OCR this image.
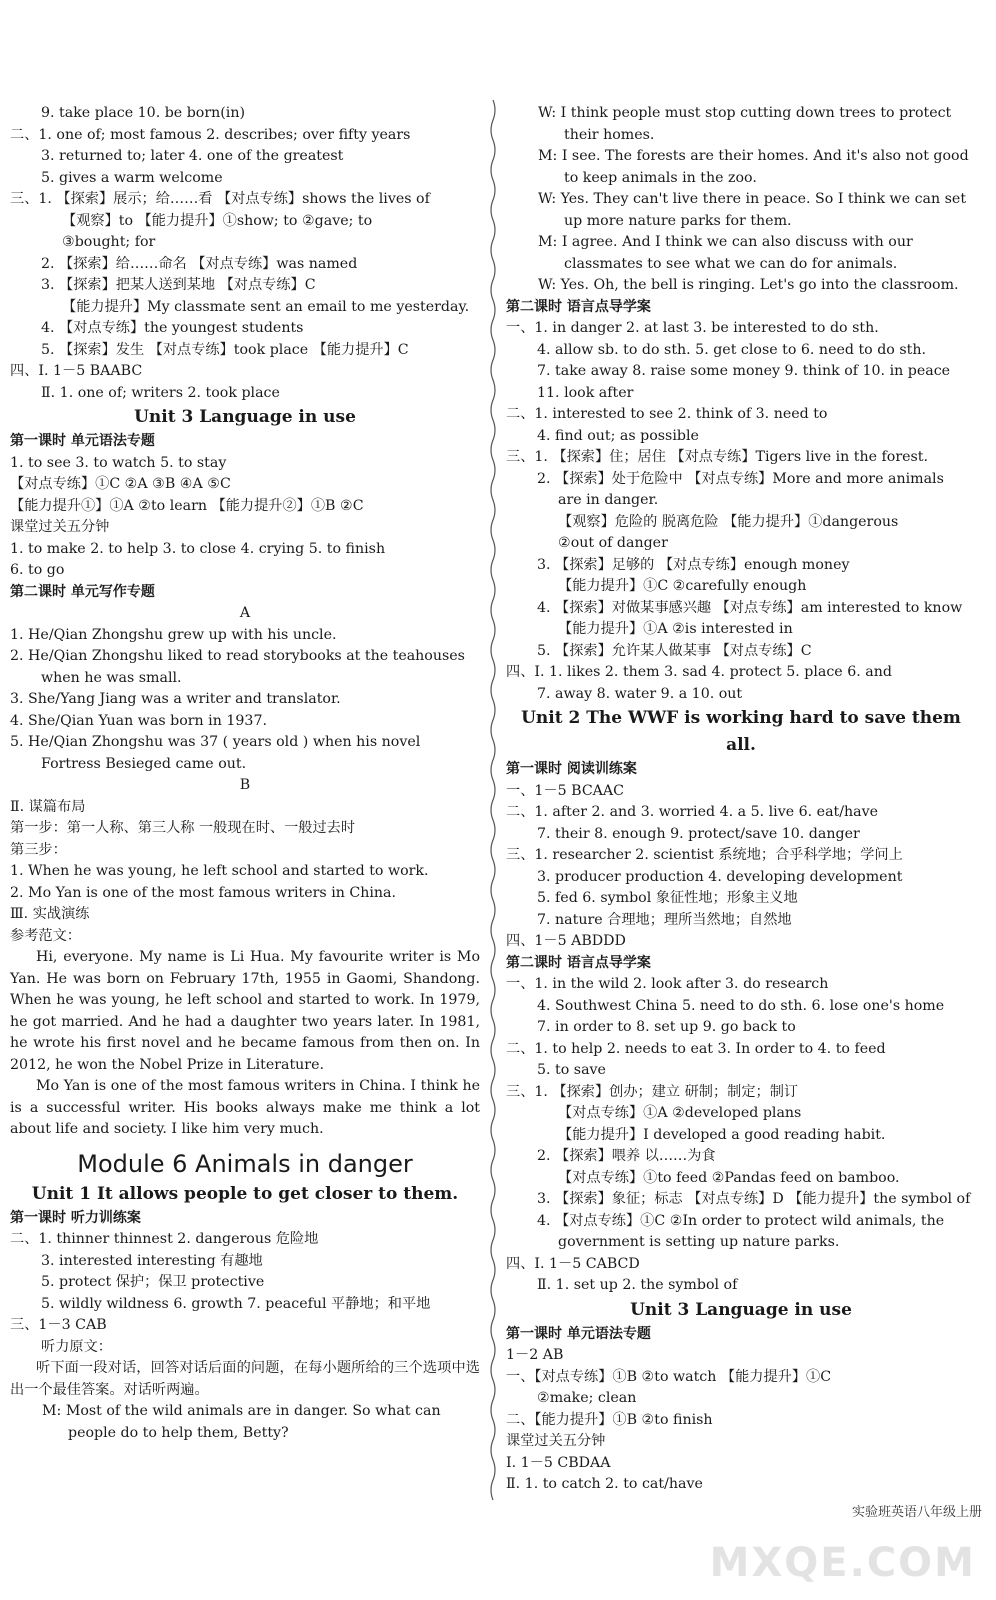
9. take place 10. be born(in)
二、1. one of; most famous 2. describes; over fifty years
3. returned to; later 4. one of the greatest
5. gives a warm welcome
三、1. 【探索】展示；给……看 【对点专练】shows the lives of
【观察】to 【能力提升】①show; to ②gave; to
③bought; for
2. 【探索】给……命名 【对点专练】was named
3. 【探索】把某人送到某地 【对点专练】C
【能力提升】My classmate sent an email to me yesterday.
4. 【对点专练】the youngest students
5. 【探索】发生 【对点专练】took place 【能力提升】C
四、Ⅰ. 1－5 BAABC
Ⅱ. 1. one of; writers 2. took place
Unit 3 Language in use
第一课时 单元语法专题
1. to see 3. to watch 5. to stay
【对点专练】①C ②A ③B ④A ⑤C
【能力提升①】①A ②to learn 【能力提升②】①B ②C
课堂过关五分钟
1. to make 2. to help 3. to close 4. crying 5. to finish
6. to go
第二课时 单元写作专题
A
1. He/Qian Zhongshu grew up with his uncle.
2. He/Qian Zhongshu liked to read storybooks at the teahouses when he was small.
3. She/Yang Jiang was a writer and translator.
4. She/Qian Yuan was born in 1937.
5. He/Qian Zhongshu was 37 ( years old ) when his novel Fortress Besieged came out.
B
Ⅱ. 谋篇布局
第一步：第一人称、第三人称 一般现在时、一般过去时
第三步：
1. When he was young, he left school and started to work.
2. Mo Yan is one of the most famous writers in China.
Ⅲ. 实战演练
参考范文：
Hi, everyone. My name is Li Hua. My favourite writer is Mo Yan. He was born on February 17th, 1955 in Gaomi, Shandong. When he was young, he left school and started to work. In 1979, he got married. And he had a daughter two years later. In 1981, he wrote his first novel and he became famous from then on. In 2012, he won the Nobel Prize in Literature.
Mo Yan is one of the most famous writers in China. I think he is a successful writer. His books always make me think a lot about life and society. I like him very much.
Module 6 Animals in danger
Unit 1 It allows people to get closer to them.
第一课时 听力训练案
二、1. thinner thinnest 2. dangerous 危险地
3. interested interesting 有趣地
5. protect 保护；保卫 protective
5. wildly wildness 6. growth 7. peaceful 平静地；和平地
三、1－3 CAB
听力原文：
听下面一段对话，回答对话后面的问题，在每小题所给的三个选项中选出一个最佳答案。对话听两遍。
M: Most of the wild animals are in danger. So what can people do to help them, Betty?
W: I think people must stop cutting down trees to protect their homes.
M: I see. The forests are their homes. And it's also not good to keep animals in the zoo.
W: Yes. They can't live there in peace. So I think we can set up more nature parks for them.
M: I agree. And I think we can also discuss with our classmates to see what we can do for animals.
W: Yes. Oh, the bell is ringing. Let's go into the classroom.
第二课时 语言点导学案
一、1. in danger 2. at last 3. be interested to do sth.
4. allow sb. to do sth. 5. get close to 6. need to do sth.
7. take away 8. raise some money 9. think of 10. in peace
11. look after
二、1. interested to see 2. think of 3. need to
4. find out; as possible
三、1. 【探索】住；居住 【对点专练】Tigers live in the forest.
2. 【探索】处于危险中 【对点专练】More and more animals
are in danger.
【观察】危险的 脱离危险 【能力提升】①dangerous
②out of danger
3. 【探索】足够的 【对点专练】enough money
【能力提升】①C ②carefully enough
4. 【探索】对做某事感兴趣 【对点专练】am interested to know
【能力提升】①A ②is interested in
5. 【探索】允许某人做某事 【对点专练】C
四、Ⅰ. 1. likes 2. them 3. sad 4. protect 5. place 6. and
7. away 8. water 9. a 10. out
Unit 2 The WWF is working hard to save them all.
第一课时 阅读训练案
一、1－5 BCAAC
二、1. after 2. and 3. worried 4. a 5. live 6. eat/have
7. their 8. enough 9. protect/save 10. danger
三、1. researcher 2. scientist 系统地；合乎科学地；学问上
3. producer production 4. developing development
5. fed 6. symbol 象征性地；形象主义地
7. nature 合理地；理所当然地；自然地
四、1－5 ABDDD
第二课时 语言点导学案
一、1. in the wild 2. look after 3. do research
4. Southwest China 5. need to do sth. 6. lose one's home
7. in order to 8. set up 9. go back to
二、1. to help 2. needs to eat 3. In order to 4. to feed
5. to save
三、1. 【探索】创办；建立 研制；制定；制订
【对点专练】①A ②developed plans
【能力提升】I developed a good reading habit.
2. 【探索】喂养 以……为食
【对点专练】①to feed ②Pandas feed on bamboo.
3. 【探索】象征；标志 【对点专练】D 【能力提升】the symbol of
4. 【对点专练】①C ②In order to protect wild animals, the government is setting up nature parks.
四、Ⅰ. 1－5 CABCD
Ⅱ. 1. set up 2. the symbol of
Unit 3 Language in use
第一课时 单元语法专题
1－2 AB
一、【对点专练】①B ②to watch 【能力提升】①C
②make; clean
二、【能力提升】①B ②to finish
课堂过关五分钟
Ⅰ. 1－5 CBDAA
Ⅱ. 1. to catch 2. to cat/have
实验班英语八年级上册
MXQE.COM
